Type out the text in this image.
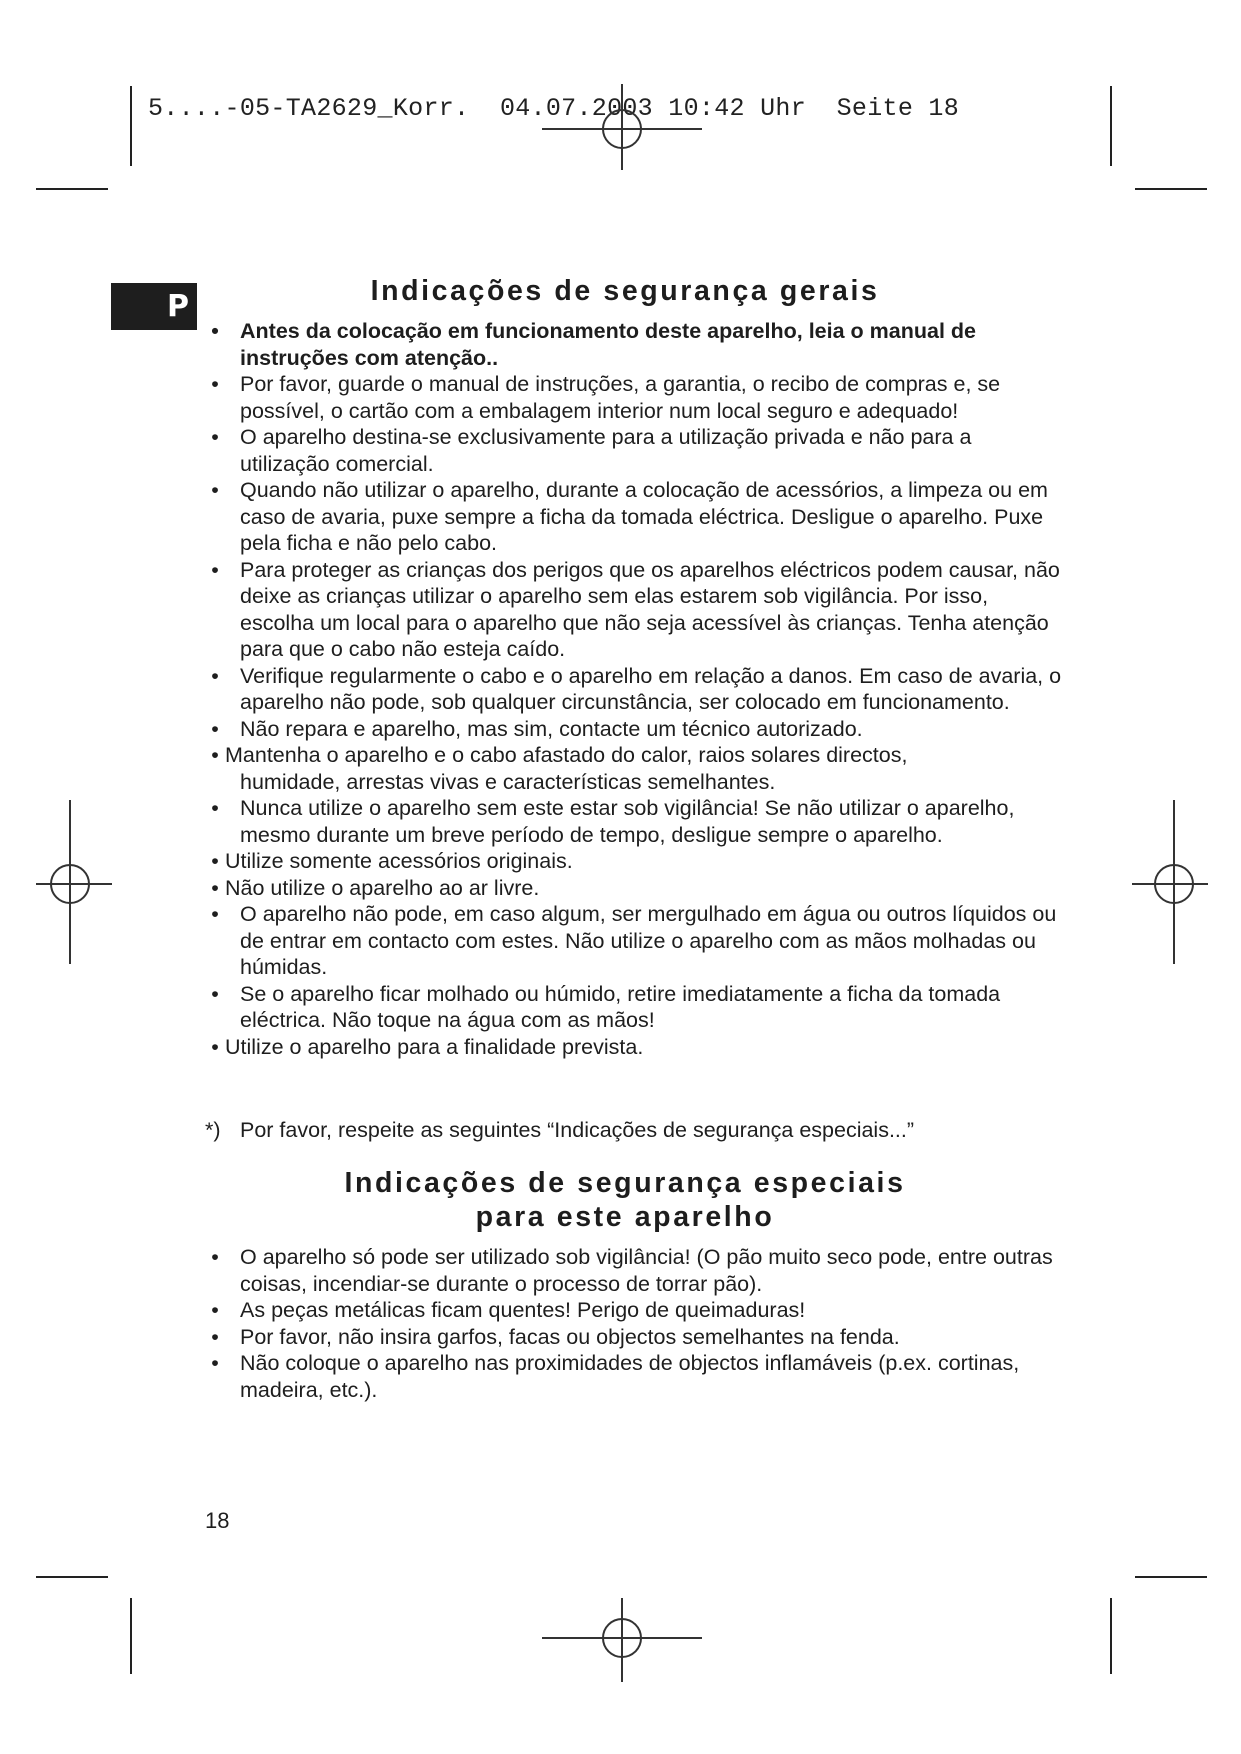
5....-05-TA2629_Korr.  04.07.2003 10:42 Uhr  Seite 18
P	Indicações de segurança gerais
• Antes da colocação em funcionamento deste aparelho, leia o manual de instruções com atenção..
• Por favor, guarde o manual de instruções, a garantia, o recibo de compras e, se possível, o cartão com a embalagem interior num local seguro e adequado!
• O aparelho destina-se exclusivamente para a utilização privada e não para a utilização comercial.
• Quando não utilizar o aparelho, durante a colocação de acessórios, a limpeza ou em caso de avaria, puxe sempre a ficha da tomada eléctrica. Desligue o aparelho. Puxe pela ficha e não pelo cabo.
• Para proteger as crianças dos perigos que os aparelhos eléctricos podem causar, não deixe as crianças utilizar o aparelho sem elas estarem sob vigilância. Por isso, escolha um local para o aparelho que não seja acessível às crianças. Tenha atenção para que o cabo não esteja caído.
• Verifique regularmente o cabo e o aparelho em relação a danos. Em caso de avaria, o aparelho não pode, sob qualquer circunstância, ser colocado em funcionamento.
• Não repara e aparelho, mas sim, contacte um técnico autorizado.
• Mantenha o aparelho e o cabo afastado do calor, raios solares directos,
humidade, arrestas vivas e características semelhantes.
• Nunca utilize o aparelho sem este estar sob vigilância! Se não utilizar o aparelho, mesmo durante um breve período de tempo, desligue sempre o aparelho.
• Utilize somente acessórios originais.
• Não utilize o aparelho ao ar livre.
• O aparelho não pode, em caso algum, ser mergulhado em água ou outros líquidos ou de entrar em contacto com estes. Não utilize o aparelho com as mãos molhadas ou húmidas.
• Se o aparelho ficar molhado ou húmido, retire imediatamente a ficha da tomada eléctrica. Não toque na água com as mãos!
• Utilize o aparelho para a finalidade prevista.
*) Por favor, respeite as seguintes “Indicações de segurança especiais...”
Indicações de segurança especiais
para este aparelho
• O aparelho só pode ser utilizado sob vigilância! (O pão muito seco pode, entre outras coisas, incendiar-se durante o processo de torrar pão).
• As peças metálicas ficam quentes! Perigo de queimaduras!
• Por favor, não insira garfos, facas ou objectos semelhantes na fenda.
• Não coloque o aparelho nas proximidades de objectos inflamáveis (p.ex. cortinas, madeira, etc.).
18
